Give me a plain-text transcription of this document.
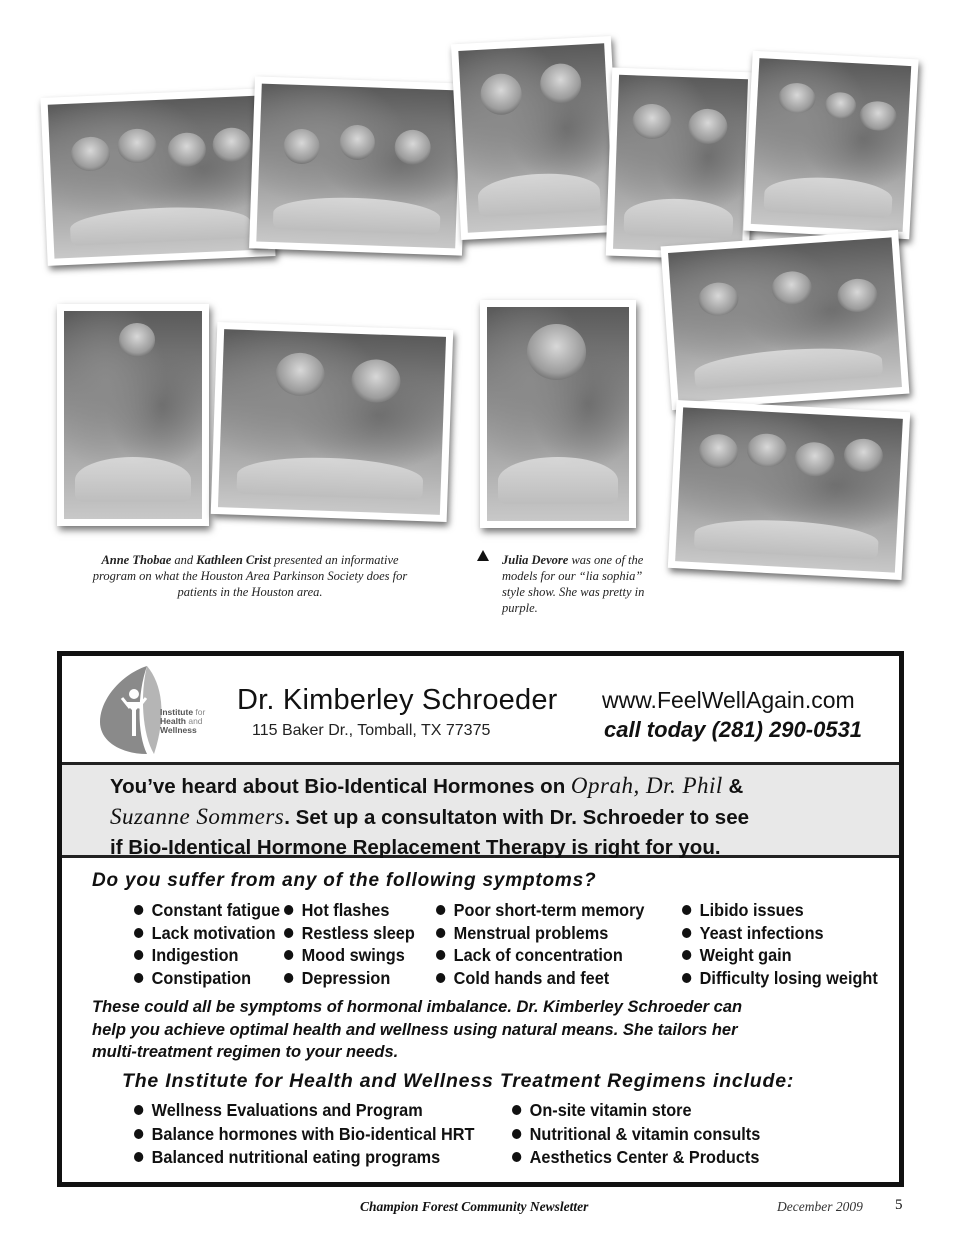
Anne Thobae and Kathleen Crist presented an informative program on what the Houston Area Parkinson Society does for patients in the Houston area.
Julia Devore was one of the models for our “lia sophia” style show. She was pretty in purple.
Institute for
Health and
Wellness
Dr. Kimberley Schroeder
115 Baker Dr., Tomball, TX 77375
www.FeelWellAgain.com
call today (281) 290-0531
You’ve heard about Bio-Identical Hormones on Oprah, Dr. Phil &
Suzanne Sommers. Set up a consultaton with Dr. Schroeder to see
if Bio-Identical Hormone Replacement Therapy is right for you.
Do you suffer from any of the following symptoms?
Constant fatigue
Lack motivation
Indigestion
Constipation
Hot flashes
Restless sleep
Mood swings
Depression
Poor short-term memory
Menstrual problems
Lack of concentration
Cold hands and feet
Libido issues
Yeast infections
Weight gain
Difficulty losing weight
These could all be symptoms of hormonal imbalance. Dr. Kimberley Schroeder can
help you achieve optimal health and wellness using natural means. She tailors her
multi-treatment regimen to your needs.
The Institute for Health and Wellness Treatment Regimens include:
Wellness Evaluations and Program
Balance hormones with Bio-identical HRT
Balanced nutritional eating programs
On-site vitamin store
Nutritional & vitamin consults
Aesthetics Center & Products
Champion Forest Community Newsletter	December 2009 5
